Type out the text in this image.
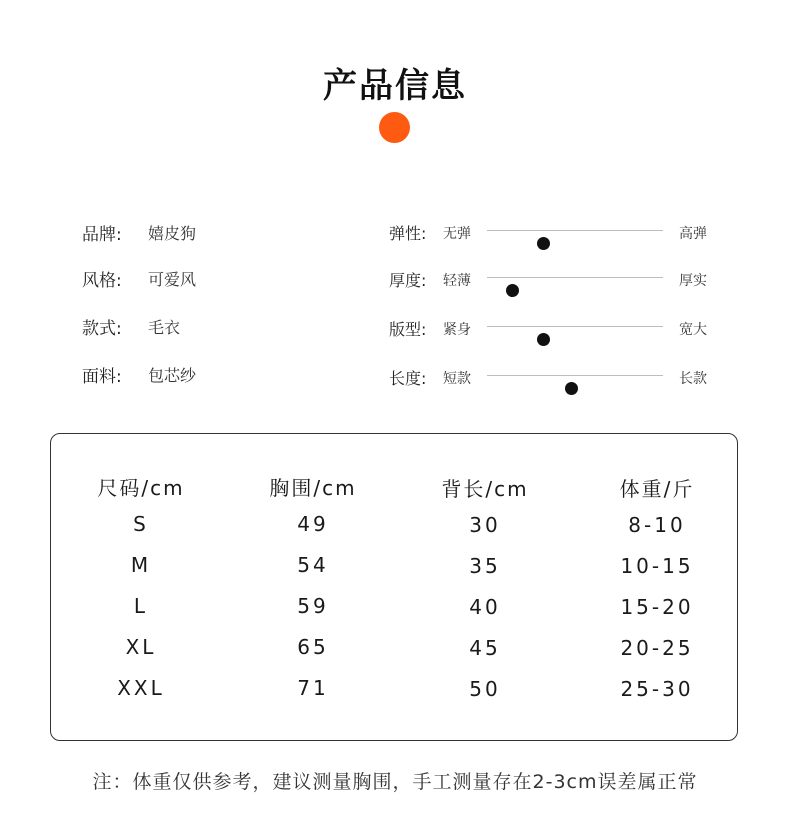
产品信息
品牌:	嬉皮狗
风格:	可爱风
款式:	毛衣
面料:	包芯纱
弹性: 无弹	高弹
厚度: 轻薄	厚实
版型: 紧身	宽大
长度: 短款	长款
尺码/cm	胸围/cm	背长/cm	体重/斤
S	49	30	8-10
M	54	35	10-15
L	59	40	15-20
XL	65	45	20-25
XXL	71	50	25-30
注：体重仅供参考，建议测量胸围，手工测量存在2-3cm误差属正常
